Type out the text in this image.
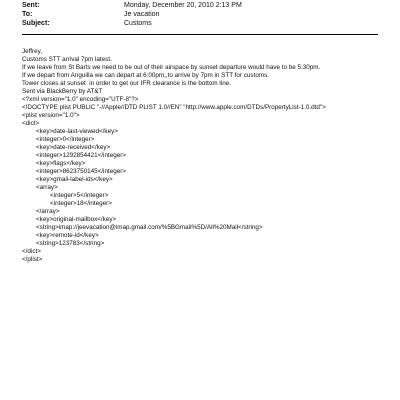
Sent:	Monday, December 20, 2010 2:13 PM
To:	Je vacation
Subject:	Customs
Jeffrey,
Customs STT arrival 7pm latest.
If we leave from St Barts we need to be out of their airspace by sunset departure would have to be 5:30pm.
If we depart from Anguilla we can depart at 6:00pm,,to arrive by 7pm in STT for customs.
Tower closes at sunset  in order to get our IFR clearance is the bottom line.
Sent via BlackBerry by AT&T
<?xml version="1.0" encoding="UTF-8"?>
<!DOCTYPE plist PUBLIC "-//Apple//DTD PLIST 1.0//EN" "http://www.apple.com/DTDs/PropertyList-1.0.dtd">
<plist version="1.0">
<dict>
<key>date-last-viewed</key>
<integer>0</integer>
<key>date-received</key>
<integer>1292854421</integer>
<key>flags</key>
<integer>8623750145</integer>
<key>gmail-label-ids</key>
<array>
<integer>5</integer>
<integer>18</integer>
</array>
<key>original-mailbox</key>
<string>imap://jeevacation@imap.gmail.com/%5BGmail%5D/All%20Mail</string>
<key>remote-id</key>
<string>123783</string>
</dict>
</plist>
